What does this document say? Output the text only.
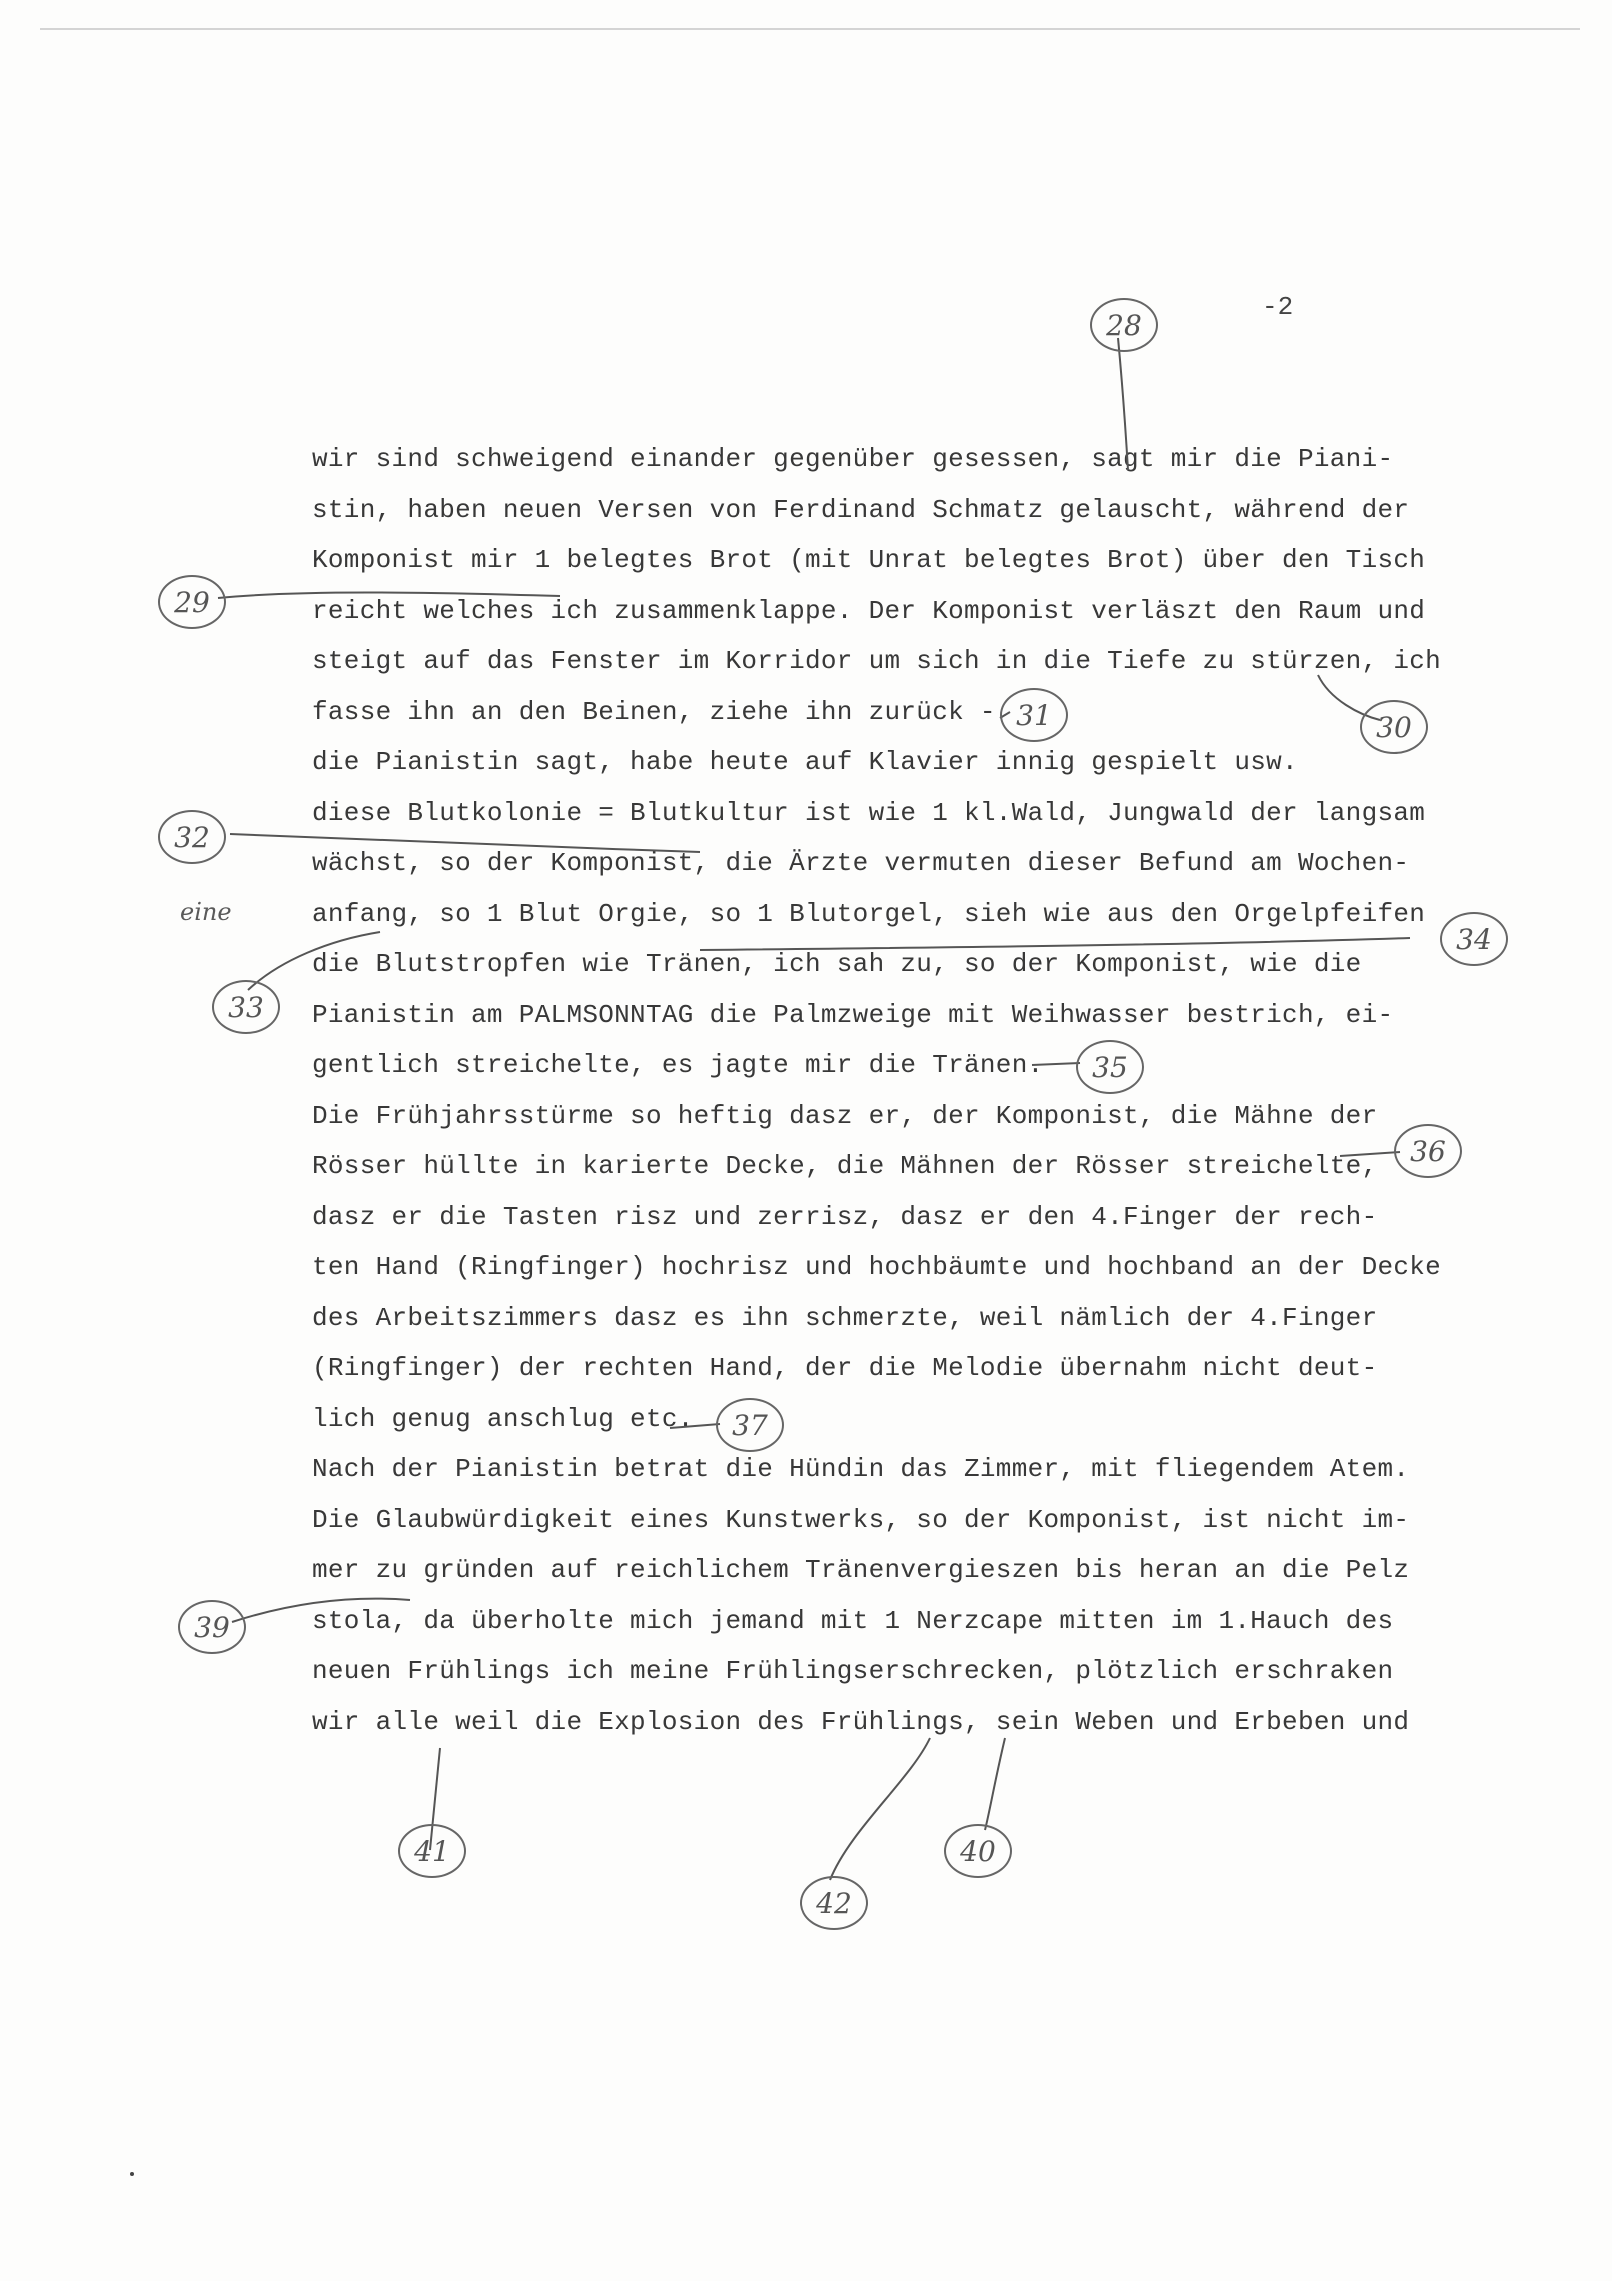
-2
wir sind schweigend einander gegenüber gesessen, sagt mir die Piani-
stin, haben neuen Versen von Ferdinand Schmatz gelauscht, während der
Komponist mir 1 belegtes Brot (mit Unrat belegtes Brot) über den Tisch
reicht welches ich zusammenklappe. Der Komponist verläszt den Raum und
steigt auf das Fenster im Korridor um sich in die Tiefe zu stürzen, ich
fasse ihn an den Beinen, ziehe ihn zurück -
die Pianistin sagt, habe heute auf Klavier innig gespielt usw.
diese Blutkolonie = Blutkultur ist wie 1 kl.Wald, Jungwald der langsam
wächst, so der Komponist, die Ärzte vermuten dieser Befund am Wochen-
anfang, so 1 Blut Orgie, so 1 Blutorgel, sieh wie aus den Orgelpfeifen
die Blutstropfen wie Tränen, ich sah zu, so der Komponist, wie die
Pianistin am PALMSONNTAG die Palmzweige mit Weihwasser bestrich, ei-
gentlich streichelte, es jagte mir die Tränen.
Die Frühjahrsstürme so heftig dasz er, der Komponist, die Mähne der
Rösser hüllte in karierte Decke, die Mähnen der Rösser streichelte,
dasz er die Tasten risz und zerrisz, dasz er den 4.Finger der rech-
ten Hand (Ringfinger) hochrisz und hochbäumte und hochband an der Decke
des Arbeitszimmers dasz es ihn schmerzte, weil nämlich der 4.Finger
(Ringfinger) der rechten Hand, der die Melodie übernahm nicht deut-
lich genug anschlug etc.
Nach der Pianistin betrat die Hündin das Zimmer, mit fliegendem Atem.
Die Glaubwürdigkeit eines Kunstwerks, so der Komponist, ist nicht im-
mer zu gründen auf reichlichem Tränenvergieszen bis heran an die Pelz
stola, da überholte mich jemand mit 1 Nerzcape mitten im 1.Hauch des
neuen Frühlings ich meine Frühlingserschrecken, plötzlich erschraken
wir alle weil die Explosion des Frühlings, sein Weben und Erbeben und
28
29
30
31
32
33
34
35
36
37
39
40
41
42
eine
